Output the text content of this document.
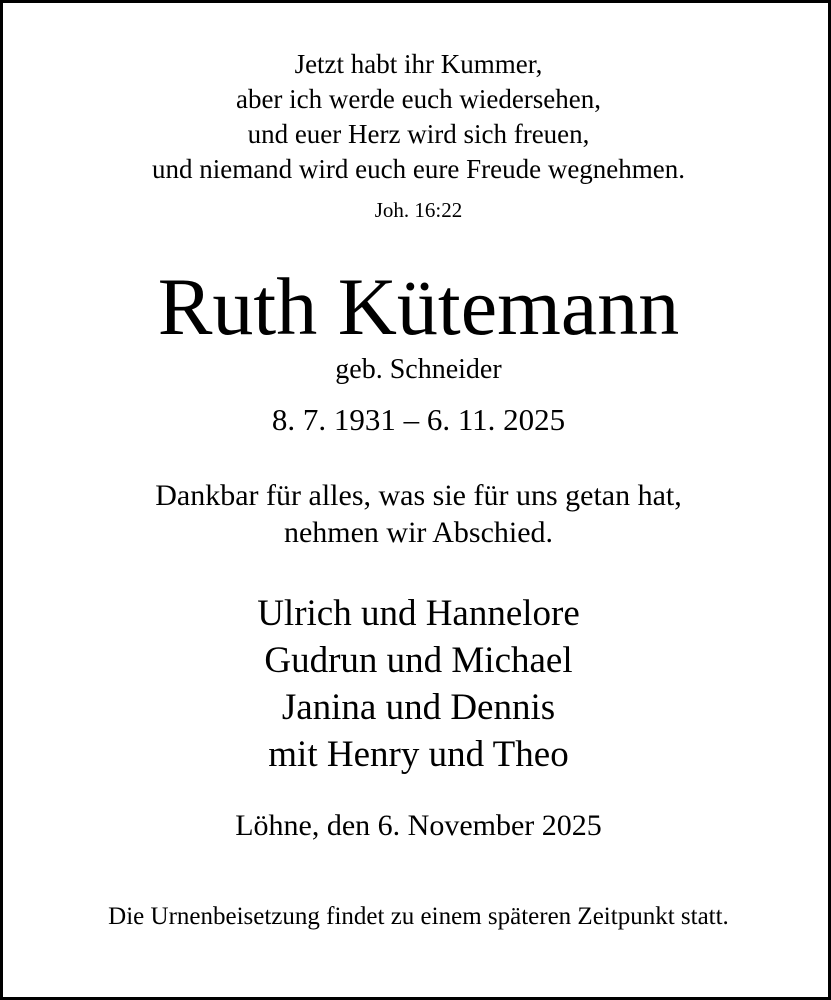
Jetzt habt ihr Kummer,
aber ich werde euch wiedersehen,
und euer Herz wird sich freuen,
und niemand wird euch eure Freude wegnehmen.
Joh. 16:22
Ruth Kütemann
geb. Schneider
8. 7. 1931 – 6. 11. 2025
Dankbar für alles, was sie für uns getan hat,
nehmen wir Abschied.
Ulrich und Hannelore
Gudrun und Michael
Janina und Dennis
mit Henry und Theo
Löhne, den 6. November 2025
Die Urnenbeisetzung findet zu einem späteren Zeitpunkt statt.
